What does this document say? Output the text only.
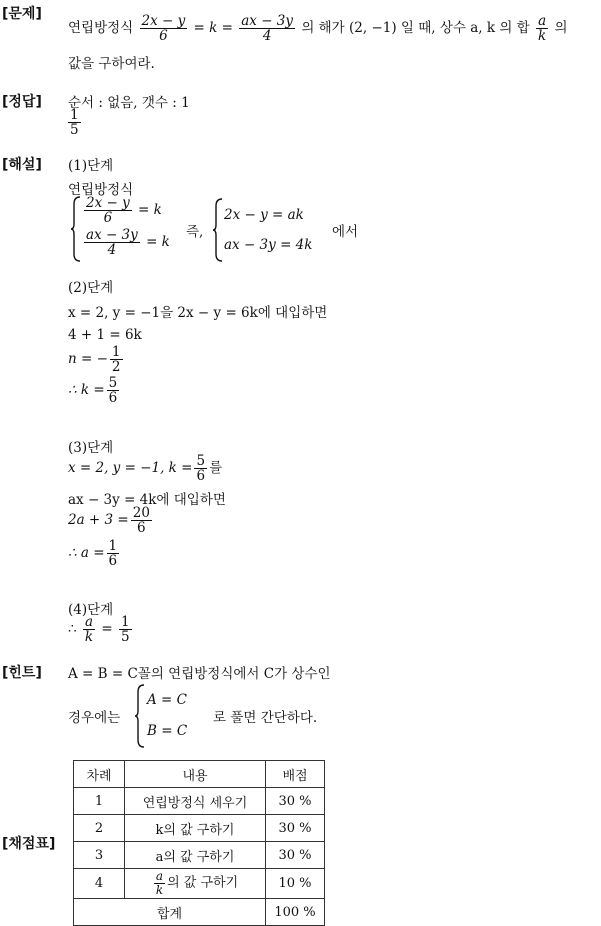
[문제]
[정답]
[해설]
[힌트]
[채점표]
연립방정식 $\frac{2x - y}{6} = k = \frac{ax - 3y}{4}$ 의 해가 (2, −1) 일 때, 상수 a, k 의 합 $\frac{a}{k}$ 의
값을 구하여라.
순서 : 없음, 갯수 : 1
$\frac{1}{5}$
(1)단계
연립방정식
$\frac{2x - y}{6} = k$
$\frac{ax - 3y}{4} = k$
즉,
2x − y = ak
ax − 3y = 4k
에서
(2)단계
x = 2, y = −1을 2x − y = 6k에 대입하면
4 + 1 = 6k
n = − $\frac{1}{2}$
∴ $k = \frac{5}{6}$
(3)단계
x = 2, y = −1, $k = \frac{5}{6}$ 를
ax − 3y = 4k에 대입하면
$2a + 3 = \frac{20}{6}$
∴ $a = \frac{1}{6}$
(4)단계
∴ $\frac{a}{k} = \frac{1}{5}$
A = B = C꼴의 연립방정식에서 C가 상수인
경우에는
A = C
B = C
로 풀면 간단하다.
차례	내용	배점
1	연립방정식 세우기	30 %
2	k의 값 구하기	30 %
3	a의 값 구하기	30 %
4	$\frac{a}{k}$ 의 값 구하기	10 %
합계		100 %
